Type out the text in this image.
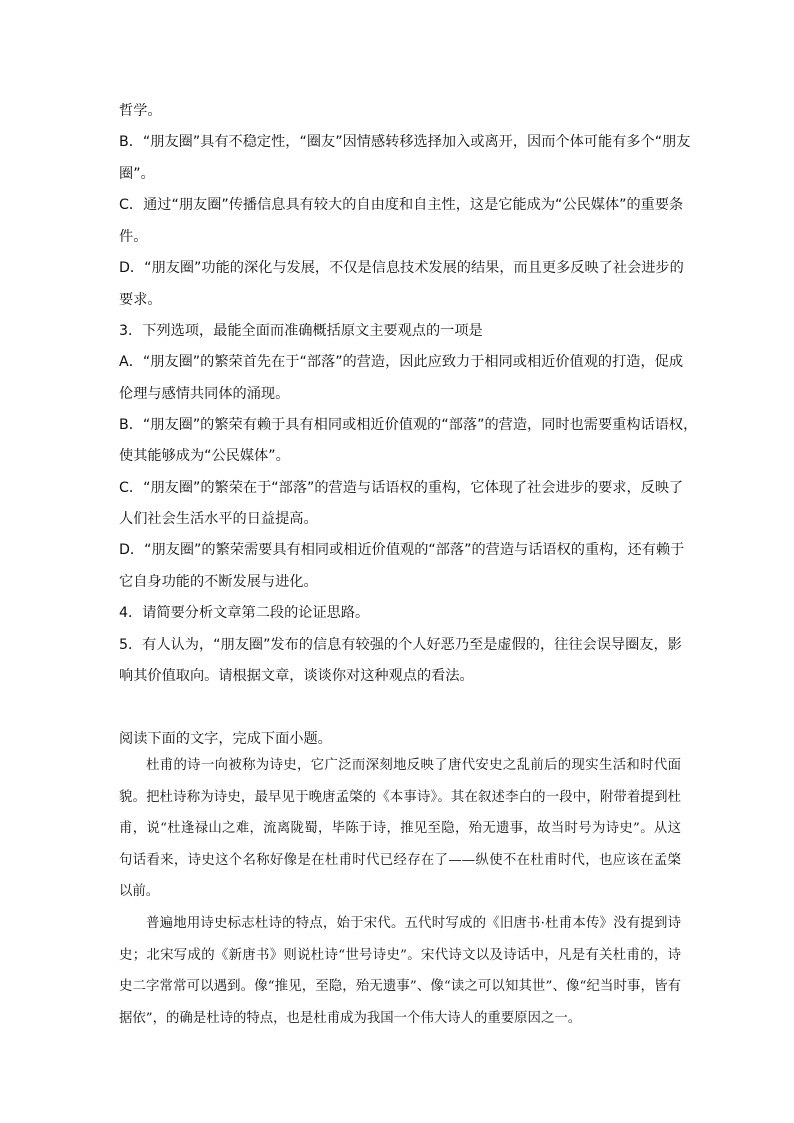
哲学。
B．“朋友圈”具有不稳定性，“圈友”因情感转移选择加入或离开，因而个体可能有多个“朋友
圈”。
C．通过“朋友圈”传播信息具有较大的自由度和自主性，这是它能成为“公民媒体”的重要条
件。
D．“朋友圈”功能的深化与发展，不仅是信息技术发展的结果，而且更多反映了社会进步的
要求。
3．下列选项，最能全面而准确概括原文主要观点的一项是
A．“朋友圈”的繁荣首先在于“部落”的营造，因此应致力于相同或相近价值观的打造，促成
伦理与感情共同体的涌现。
B．“朋友圈”的繁荣有赖于具有相同或相近价值观的“部落”的营造，同时也需要重构话语权，
使其能够成为“公民媒体”。
C．“朋友圈”的繁荣在于“部落”的营造与话语权的重构，它体现了社会进步的要求，反映了
人们社会生活水平的日益提高。
D．“朋友圈”的繁荣需要具有相同或相近价值观的“部落”的营造与话语权的重构，还有赖于
它自身功能的不断发展与进化。
4．请简要分析文章第二段的论证思路。
5．有人认为，“朋友圈”发布的信息有较强的个人好恶乃至是虚假的，往往会误导圈友，影
响其价值取向。请根据文章，谈谈你对这种观点的看法。
阅读下面的文字，完成下面小题。

杜甫的诗一向被称为诗史，它广泛而深刻地反映了唐代安史之乱前后的现实生活和时代面貌。把杜诗称为诗史，最早见于晚唐孟棨的《本事诗》。其在叙述李白的一段中，附带着提到杜甫，说“杜逢禄山之难，流离陇蜀，毕陈于诗，推见至隐，殆无遗事，故当时号为诗史”。从这句话看来，诗史这个名称好像是在杜甫时代已经存在了——纵使不在杜甫时代，也应该在孟棨以前。

普遍地用诗史标志杜诗的特点，始于宋代。五代时写成的《旧唐书·杜甫本传》没有提到诗史；北宋写成的《新唐书》则说杜诗“世号诗史”。宋代诗文以及诗话中，凡是有关杜甫的，诗史二字常常可以遇到。像“推见，至隐，殆无遗事”、像“读之可以知其世”、像“纪当时事，皆有据依”，的确是杜诗的特点，也是杜甫成为我国一个伟大诗人的重要原因之一。
